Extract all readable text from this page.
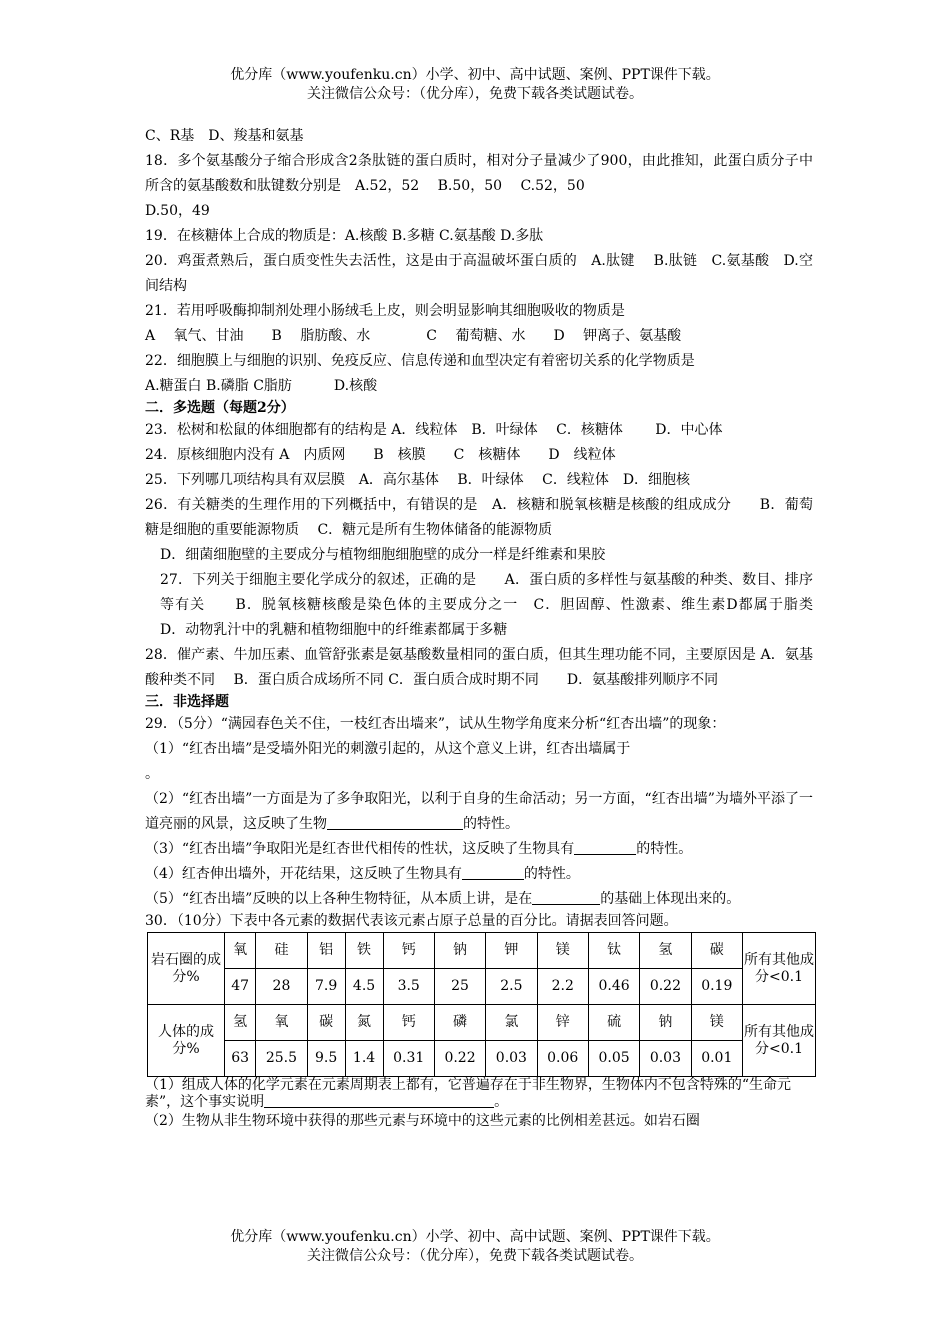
优分库（www.youfenku.cn）小学、初中、高中试题、案例、PPT课件下载。
关注微信公众号：（优分库），免费下载各类试题试卷。

C、R基　D、羧基和氨基

18．多个氨基酸分子缩合形成含2条肽链的蛋白质时，相对分子量减少了900，由此推知，此蛋白质分子中所含的氨基酸数和肽键数分别是　A.52，52　 B.50，50　 C.52，50

D.50，49

19．在核糖体上合成的物质是：A.核酸 B.多糖 C.氨基酸 D.多肽

20．鸡蛋煮熟后，蛋白质变性失去活性，这是由于高温破坏蛋白质的　A.肽键　 B.肽链　C.氨基酸　D.空间结构

21．若用呼吸酶抑制剂处理小肠绒毛上皮，则会明显影响其细胞吸收的物质是

A　 氧气、甘油　　B　 脂肪酸、水　　　　C　 葡萄糖、水　　D　 钾离子、氨基酸

22．细胞膜上与细胞的识别、免疫反应、信息传递和血型决定有着密切关系的化学物质是

A.糖蛋白 B.磷脂 C脂肪　　　D.核酸

二．多选题（每题2分）

23．松树和松鼠的体细胞都有的结构是 A．线粒体　B．叶绿体　 C．核糖体　　 D．中心体

24．原核细胞内没有 A　内质网　　B　核膜　　C　核糖体　　D　线粒体

25．下列哪几项结构具有双层膜　A．高尔基体　 B．叶绿体　 C．线粒体　D．细胞核

26．有关糖类的生理作用的下列概括中，有错误的是　A．核糖和脱氧核糖是核酸的组成成分　　B．葡萄糖是细胞的重要能源物质　 C．糖元是所有生物体储备的能源物质

D．细菌细胞壁的主要成分与植物细胞细胞壁的成分一样是纤维素和果胶

27．下列关于细胞主要化学成分的叙述，正确的是　　A．蛋白质的多样性与氨基酸的种类、数目、排序等有关　　B．脱氧核糖核酸是染色体的主要成分之一　C．胆固醇、性激素、维生素D都属于脂类　　D．动物乳汁中的乳糖和植物细胞中的纤维素都属于多糖

28．催产素、牛加压素、血管舒张素是氨基酸数量相同的蛋白质，但其生理功能不同，主要原因是 A．氨基酸种类不同　 B．蛋白质合成场所不同 C．蛋白质合成时期不同　　D．氨基酸排列顺序不同

三．非选择题

29．（5分）“满园春色关不住，一枝红杏出墙来”，试从生物学角度来分析“红杏出墙”的现象：

（1）“红杏出墙”是受墙外阳光的刺激引起的，从这个意义上讲，红杏出墙属于
。

（2）“红杏出墙”一方面是为了多争取阳光，以利于自身的生命活动；另一方面，“红杏出墙”为墙外平添了一道亮丽的风景，这反映了生物	的特性。

（3）“红杏出墙”争取阳光是红杏世代相传的性状，这反映了生物具有	的特性。

（4）红杏伸出墙外，开花结果，这反映了生物具有	的特性。

（5）“红杏出墙”反映的以上各种生物特征，从本质上讲，是在	的基础上体现出来的。

30．（10分）下表中各元素的数据代表该元素占原子总量的百分比。请据表回答问题。

岩石圈的成分%	氧	硅	铝	铁	钙	钠	钾	镁	钛	氢	碳	所有其他成分<0.1
	47	28	7.9	4.5	3.5	25	2.5	2.2	0.46	0.22	0.19	
人体的成分%	氢	氧	碳	氮	钙	磷	氯	锌	硫	钠	镁	所有其他成分<0.1
	63	25.5	9.5	1.4	0.31	0.22	0.03	0.06	0.05	0.03	0.01	

（1）组成人体的化学元素在元素周期表上都有，它普遍存在于非生物界，生物体内不包含特殊的“生命元素”，这个事实说明	。

（2）生物从非生物环境中获得的那些元素与环境中的这些元素的比例相差甚远。如岩石圈

优分库（www.youfenku.cn）小学、初中、高中试题、案例、PPT课件下载。
关注微信公众号：（优分库），免费下载各类试题试卷。
